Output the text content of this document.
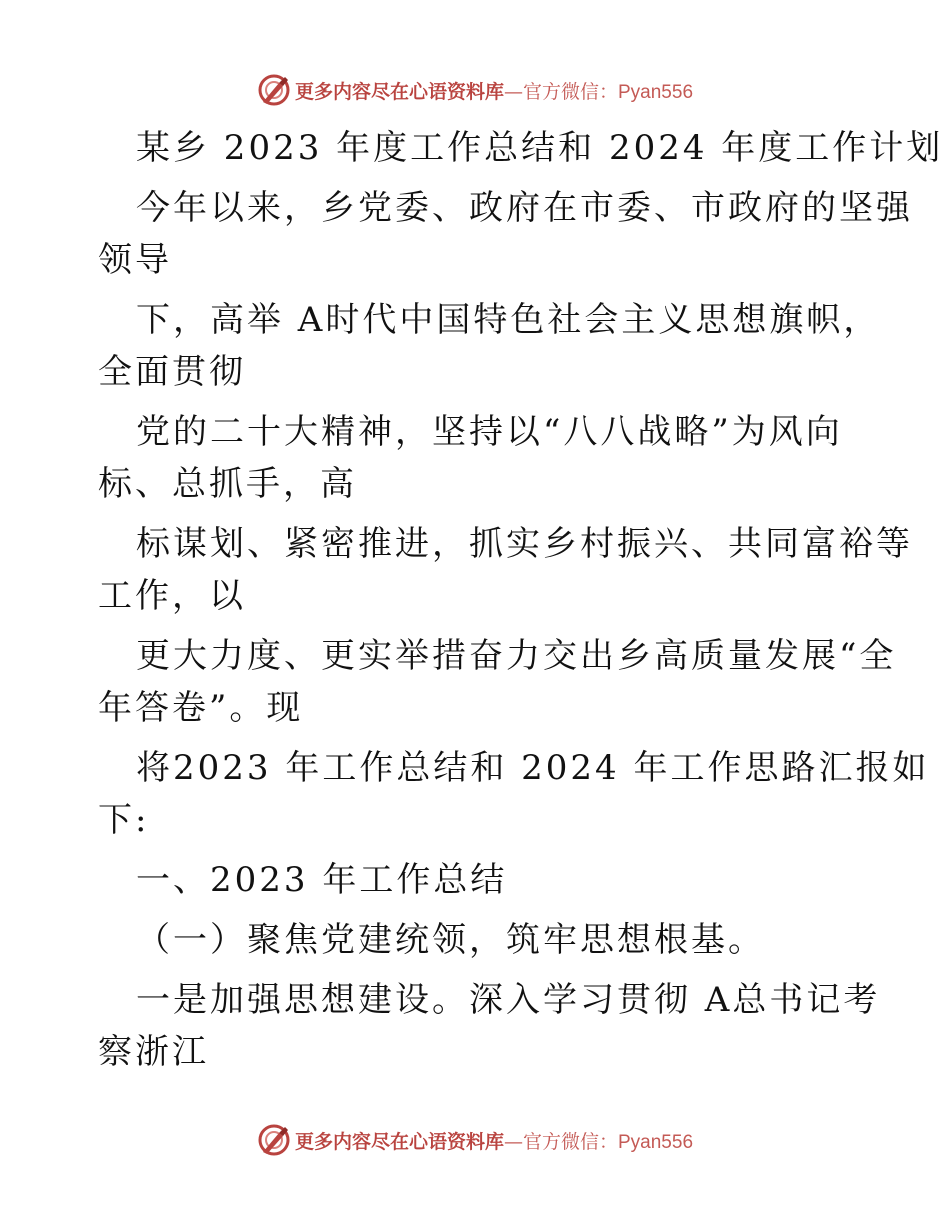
更多内容尽在心语资料库—官方微信：Pyan556
某乡 2023 年度工作总结和 2024 年度工作计划
今年以来，乡党委、政府在市委、市政府的坚强
领导
下，高举 A时代中国特色社会主义思想旗帜，
全面贯彻
党的二十大精神，坚持以“八八战略”为风向
标、总抓手，高
标谋划、紧密推进，抓实乡村振兴、共同富裕等
工作，以
更大力度、更实举措奋力交出乡高质量发展“全
年答卷”。现
将2023 年工作总结和 2024 年工作思路汇报如
下:
一、2023 年工作总结
（一）聚焦党建统领，筑牢思想根基。
一是加强思想建设。深入学习贯彻 A总书记考
察浙江
更多内容尽在心语资料库—官方微信：Pyan556
